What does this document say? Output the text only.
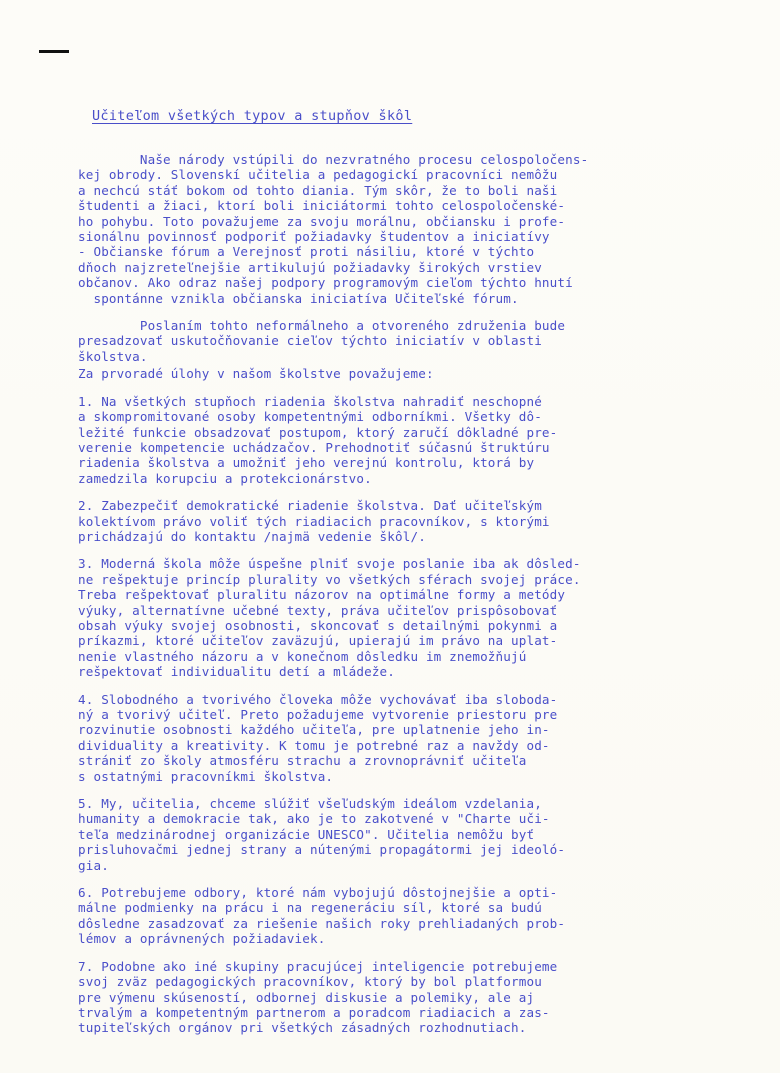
Učiteľom všetkých typov a stupňov škôl
Naše národy vstúpili do nezvratného procesu celospoločens-
kej obrody. Slovenskí učitelia a pedagogickí pracovníci nemôžu
a nechcú stáť bokom od tohto diania. Tým skôr, že to boli naši
študenti a žiaci, ktorí boli iniciátormi tohto celospoločenské-
ho pohybu. Toto považujeme za svoju morálnu, občiansku i profe-
sionálnu povinnosť podporiť požiadavky študentov a iniciatívy
- Občianske fórum a Verejnosť proti násiliu, ktoré v týchto
dňoch najzreteľnejšie artikulujú požiadavky širokých vrstiev
občanov. Ako odraz našej podpory programovým cieľom týchto hnutí
spontánne vznikla občianska iniciatíva Učiteľské fórum.
Poslaním tohto neformálneho a otvoreného združenia bude
presadzovať uskutočňovanie cieľov týchto iniciatív v oblasti
školstva.
Za prvoradé úlohy v našom školstve považujeme:
1. Na všetkých stupňoch riadenia školstva nahradiť neschopné
a skompromitované osoby kompetentnými odborníkmi. Všetky dô-
ležité funkcie obsadzovať postupom, ktorý zaručí dôkladné pre-
verenie kompetencie uchádzačov. Prehodnotiť súčasnú štruktúru
riadenia školstva a umožniť jeho verejnú kontrolu, ktorá by
zamedzila korupciu a protekcionárstvo.
2. Zabezpečiť demokratické riadenie školstva. Dať učiteľským
kolektívom právo voliť tých riadiacich pracovníkov, s ktorými
prichádzajú do kontaktu /najmä vedenie škôl/.
3. Moderná škola môže úspešne plniť svoje poslanie iba ak dôsled-
ne rešpektuje princíp plurality vo všetkých sférach svojej práce.
Treba rešpektovať pluralitu názorov na optimálne formy a metódy
výuky, alternatívne učebné texty, práva učiteľov prispôsobovať
obsah výuky svojej osobnosti, skoncovať s detailnými pokynmi a
príkazmi, ktoré učiteľov zaväzujú, upierajú im právo na uplat-
nenie vlastného názoru a v konečnom dôsledku im znemožňujú
rešpektovať individualitu detí a mládeže.
4. Slobodného a tvorivého človeka môže vychovávať iba sloboda-
ný a tvorivý učiteľ. Preto požadujeme vytvorenie priestoru pre
rozvinutie osobnosti každého učiteľa, pre uplatnenie jeho in-
dividuality a kreativity. K tomu je potrebné raz a navždy od-
strániť zo školy atmosféru strachu a zrovnoprávniť učiteľa
s ostatnými pracovníkmi školstva.
5. My, učitelia, chceme slúžiť všeľudským ideálom vzdelania,
humanity a demokracie tak, ako je to zakotvené v "Charte uči-
teľa medzinárodnej organizácie UNESCO". Učitelia nemôžu byť
prisluhovačmi jednej strany a nútenými propagátormi jej ideoló-
giа.
6. Potrebujeme odbory, ktoré nám vybojujú dôstojnejšie a opti-
málne podmienky na prácu i na regeneráciu síl, ktoré sa budú
dôsledne zasadzovať za riešenie našich roky prehliadaných prob-
lémov a oprávnených požiadaviek.
7. Podobne ako iné skupiny pracujúcej inteligencie potrebujeme
svoj zväz pedagogických pracovníkov, ktorý by bol platformou
pre výmenu skúseností, odbornej diskusie a polemiky, ale aj
trvalým a kompetentným partnerom a poradcom riadiacich a zas-
tupiteľských orgánov pri všetkých zásadných rozhodnutiach.
